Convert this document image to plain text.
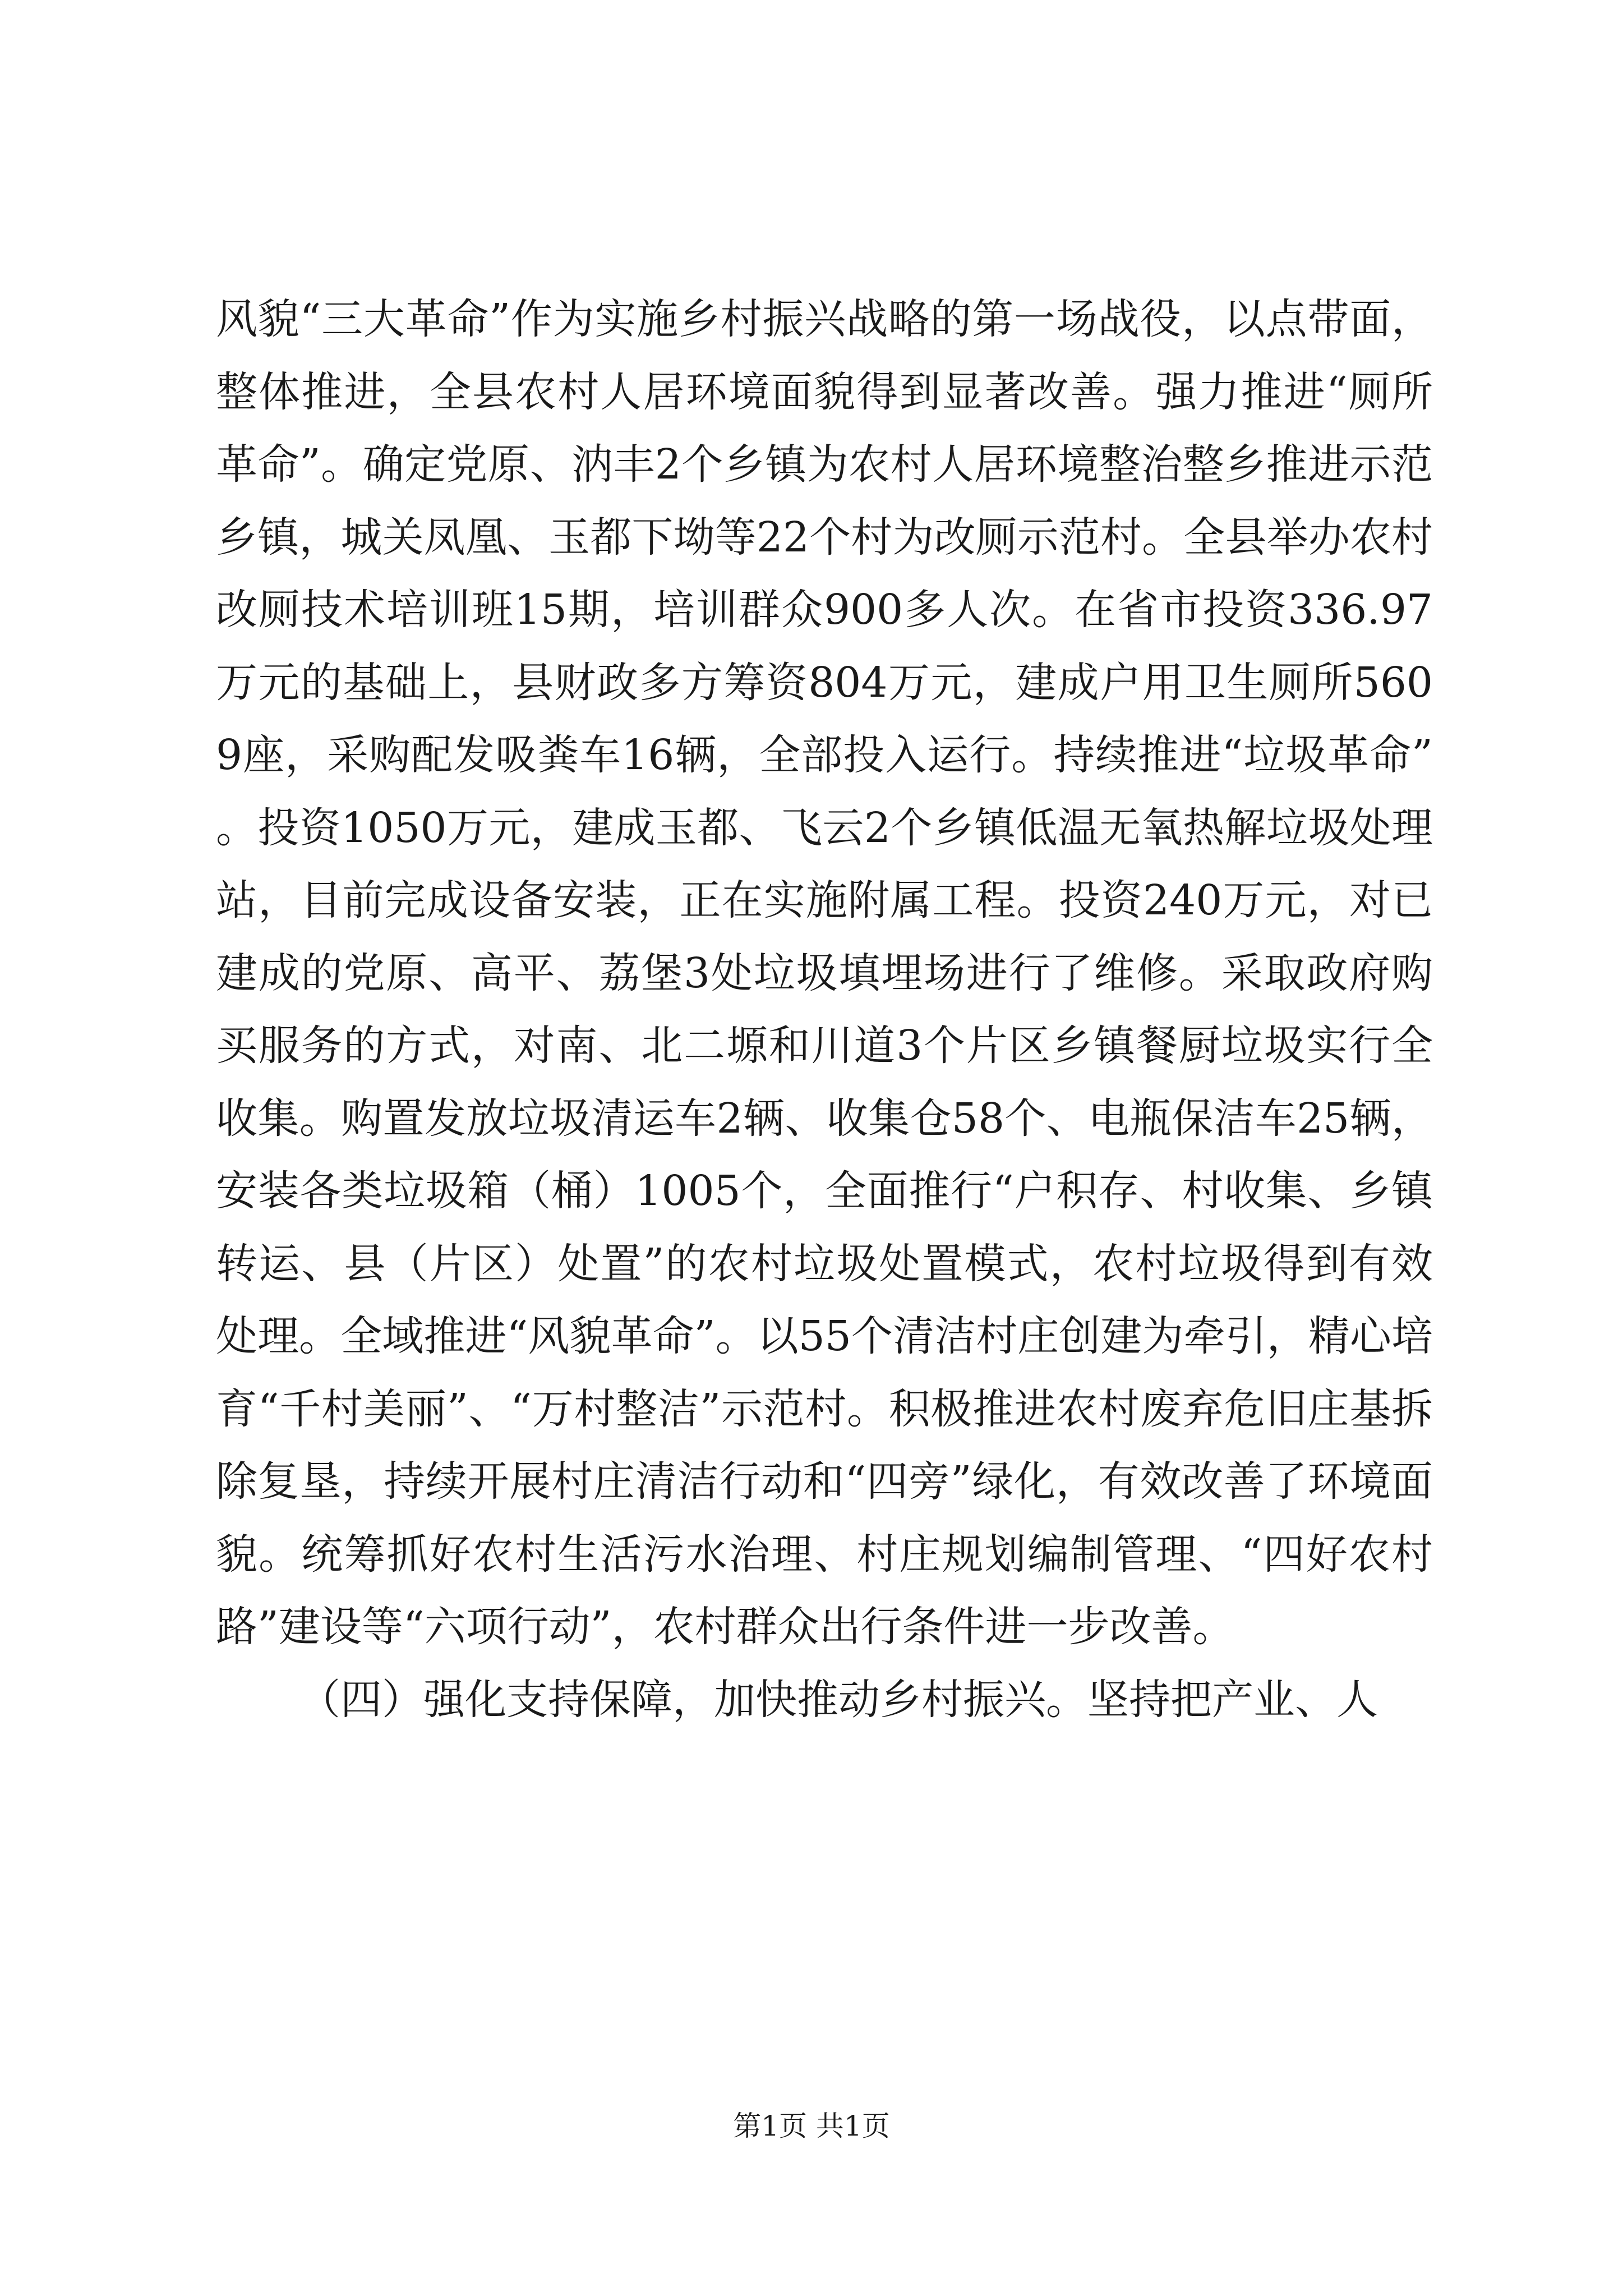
风貌“三大革命”作为实施乡村振兴战略的第一场战役，以点带面，整体推进，全县农村人居环境面貌得到显著改善。强力推进“厕所革命”。确定党原、汭丰2个乡镇为农村人居环境整治整乡推进示范乡镇，城关凤凰、玉都下坳等22个村为改厕示范村。全县举办农村改厕技术培训班15期，培训群众900多人次。在省市投资336.97万元的基础上，县财政多方筹资804万元，建成户用卫生厕所5609座，采购配发吸粪车16辆，全部投入运行。持续推进“垃圾革命”。投资1050万元，建成玉都、飞云2个乡镇低温无氧热解垃圾处理站，目前完成设备安装，正在实施附属工程。投资240万元，对已建成的党原、高平、荔堡3处垃圾填埋场进行了维修。采取政府购买服务的方式，对南、北二塬和川道3个片区乡镇餐厨垃圾实行全收集。购置发放垃圾清运车2辆、收集仓58个、电瓶保洁车25辆，安装各类垃圾箱（桶）1005个，全面推行“户积存、村收集、乡镇转运、县（片区）处置”的农村垃圾处置模式，农村垃圾得到有效处理。全域推进“风貌革命”。以55个清洁村庄创建为牵引，精心培育“千村美丽”、“万村整洁”示范村。积极推进农村废弃危旧庄基拆除复垦，持续开展村庄清洁行动和“四旁”绿化，有效改善了环境面貌。统筹抓好农村生活污水治理、村庄规划编制管理、“四好农村路”建设等“六项行动”，农村群众出行条件进一步改善。

（四）强化支持保障，加快推动乡村振兴。坚持把产业、人

第1页 共1页
